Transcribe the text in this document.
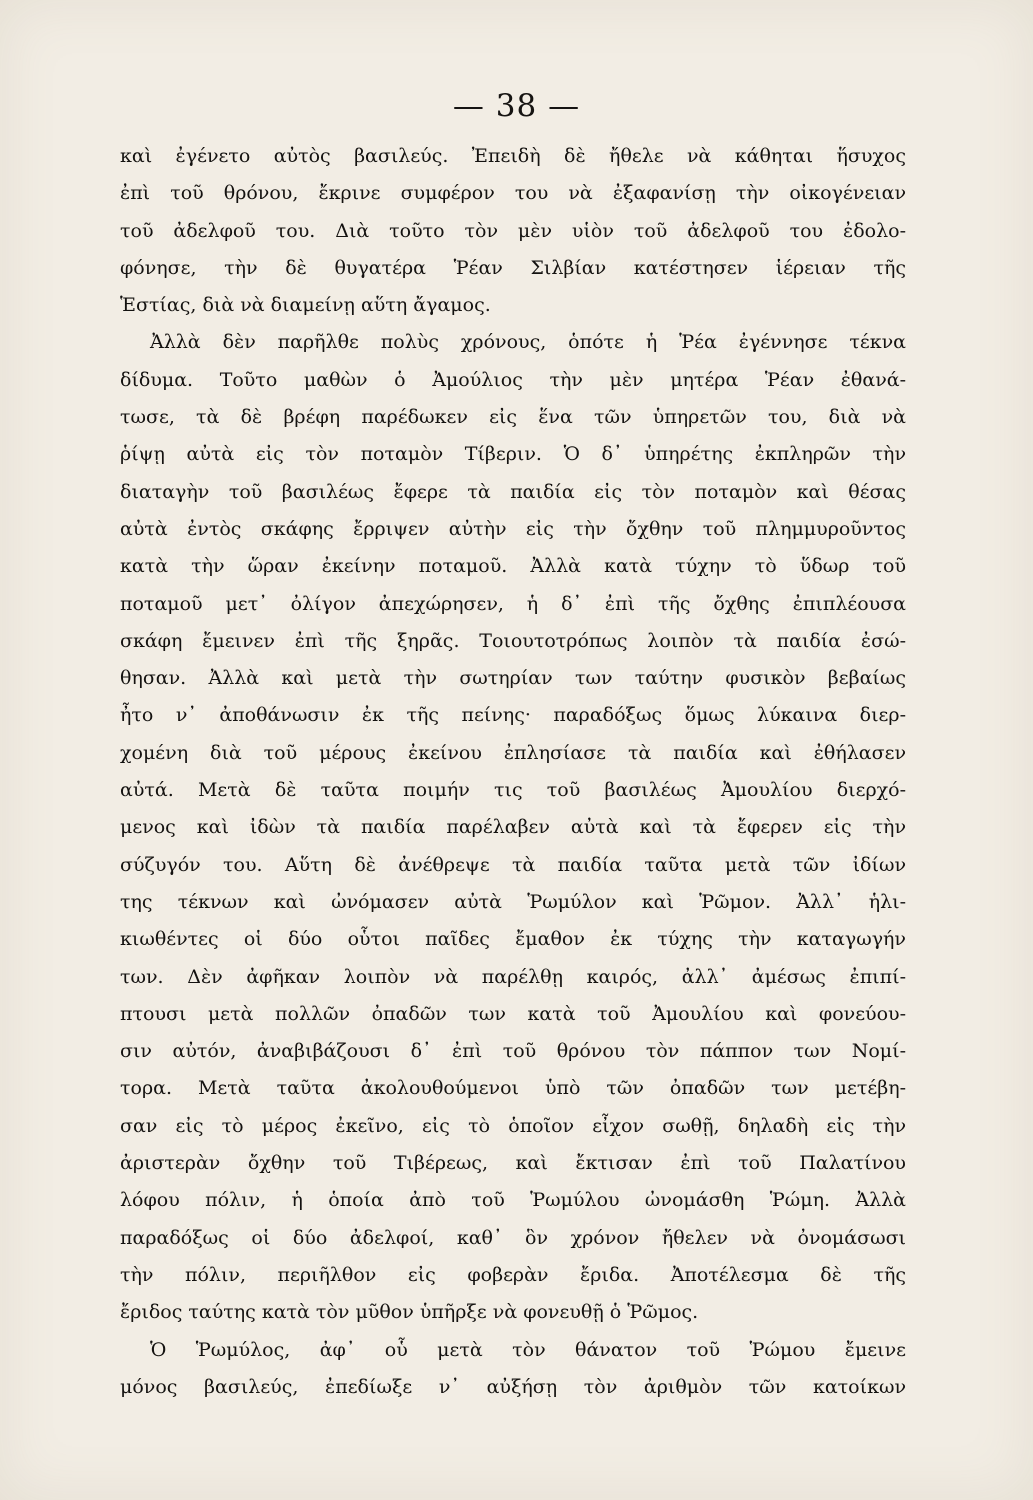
— 38 —
καὶ ἐγένετο αὐτὸς βασιλεύς. Ἐπειδὴ δὲ ἤθελε νὰ κάθηται ἥσυχος
ἐπὶ τοῦ θρόνου, ἔκρινε συμφέρον του νὰ ἐξαφανίσῃ τὴν οἰκογένειαν
τοῦ ἀδελφοῦ του. Διὰ τοῦτο τὸν μὲν υἱὸν τοῦ ἀδελφοῦ του ἐδολο-
φόνησε, τὴν δὲ θυγατέρα Ῥέαν Σιλβίαν κατέστησεν ἱέρειαν τῆς
Ἑστίας, διὰ νὰ διαμείνῃ αὕτη ἄγαμος.
Ἀλλὰ δὲν παρῆλθε πολὺς χρόνους, ὁπότε ἡ Ῥέα ἐγέννησε τέκνα
δίδυμα. Τοῦτο μαθὼν ὁ Ἀμούλιος τὴν μὲν μητέρα Ῥέαν ἐθανά-
τωσε, τὰ δὲ βρέφη παρέδωκεν εἰς ἕνα τῶν ὑπηρετῶν του, διὰ νὰ
ῥίψῃ αὐτὰ εἰς τὸν ποταμὸν Τίβεριν. Ὁ δ᾽ ὑπηρέτης ἐκπληρῶν τὴν
διαταγὴν τοῦ βασιλέως ἔφερε τὰ παιδία εἰς τὸν ποταμὸν καὶ θέσας
αὐτὰ ἐντὸς σκάφης ἔρριψεν αὐτὴν εἰς τὴν ὄχθην τοῦ πλημμυροῦντος
κατὰ τὴν ὥραν ἐκείνην ποταμοῦ. Ἀλλὰ κατὰ τύχην τὸ ὕδωρ τοῦ
ποταμοῦ μετ᾽ ὀλίγον ἀπεχώρησεν, ἡ δ᾽ ἐπὶ τῆς ὄχθης ἐπιπλέουσα
σκάφη ἔμεινεν ἐπὶ τῆς ξηρᾶς. Τοιουτοτρόπως λοιπὸν τὰ παιδία ἐσώ-
θησαν. Ἀλλὰ καὶ μετὰ τὴν σωτηρίαν των ταύτην φυσικὸν βεβαίως
ἦτο ν᾽ ἀποθάνωσιν ἐκ τῆς πείνης· παραδόξως ὅμως λύκαινα διερ-
χομένη διὰ τοῦ μέρους ἐκείνου ἐπλησίασε τὰ παιδία καὶ ἐθήλασεν
αὐτά. Μετὰ δὲ ταῦτα ποιμήν τις τοῦ βασιλέως Ἀμουλίου διερχό-
μενος καὶ ἰδὼν τὰ παιδία παρέλαβεν αὐτὰ καὶ τὰ ἔφερεν εἰς τὴν
σύζυγόν του. Αὕτη δὲ ἀνέθρεψε τὰ παιδία ταῦτα μετὰ τῶν ἰδίων
της τέκνων καὶ ὠνόμασεν αὐτὰ Ῥωμύλον καὶ Ῥῶμον. Ἀλλ᾽ ἡλι-
κιωθέντες οἱ δύο οὗτοι παῖδες ἔμαθον ἐκ τύχης τὴν καταγωγήν
των. Δὲν ἀφῆκαν λοιπὸν νὰ παρέλθῃ καιρός, ἀλλ᾽ ἀμέσως ἐπιπί-
πτουσι μετὰ πολλῶν ὀπαδῶν των κατὰ τοῦ Ἀμουλίου καὶ φονεύου-
σιν αὐτόν, ἀναβιβάζουσι δ᾽ ἐπὶ τοῦ θρόνου τὸν πάππον των Νομί-
τορα. Μετὰ ταῦτα ἀκολουθούμενοι ὑπὸ τῶν ὀπαδῶν των μετέβη-
σαν εἰς τὸ μέρος ἐκεῖνο, εἰς τὸ ὁποῖον εἶχον σωθῇ, δηλαδὴ εἰς τὴν
ἀριστερὰν ὄχθην τοῦ Τιβέρεως, καὶ ἔκτισαν ἐπὶ τοῦ Παλατίνου
λόφου πόλιν, ἡ ὁποία ἀπὸ τοῦ Ῥωμύλου ὠνομάσθη Ῥώμη. Ἀλλὰ
παραδόξως οἱ δύο ἀδελφοί, καθ᾽ ὃν χρόνον ἤθελεν νὰ ὀνομάσωσι
τὴν πόλιν, περιῆλθον εἰς φοβερὰν ἔριδα. Ἀποτέλεσμα δὲ τῆς
ἔριδος ταύτης κατὰ τὸν μῦθον ὑπῆρξε νὰ φονευθῇ ὁ Ῥῶμος.
Ὁ Ῥωμύλος, ἀφ᾽ οὗ μετὰ τὸν θάνατον τοῦ Ῥώμου ἔμεινε
μόνος βασιλεύς, ἐπεδίωξε ν᾽ αὐξήσῃ τὸν ἀριθμὸν τῶν κατοίκων
